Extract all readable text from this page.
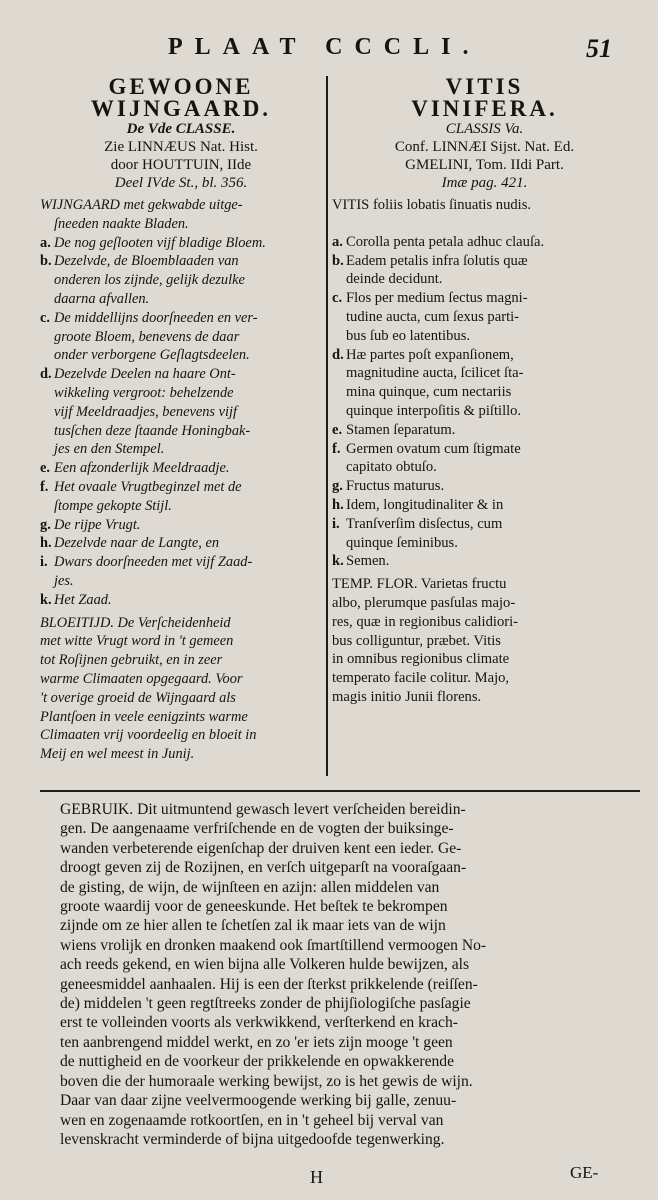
PLAAT CCCLI.	51
GEWOONE
WIJNGAARD.
De Vde CLASSE.
Zie LINNÆUS Nat. Hist.
door HOUTTUIN, IIde
Deel IVde St., bl. 356.
WIJNGAARD met gekwabde uitge-
ſneeden naakte Bladen.
a. De nog geſlooten vijf bladige Bloem.
b. Dezelvde, de Bloemblaaden van
onderen los zijnde, gelijk dezulke
daarna afvallen.
c. De middellijns doorſneeden en ver-
groote Bloem, benevens de daar
onder verborgene Geſlagtsdeelen.
d. Dezelvde Deelen na haare Ont-
wikkeling vergroot: behelzende
vijf Meeldraadjes, benevens vijf
tusſchen deze ſtaande Honingbak-
jes en den Stempel.
e. Een afzonderlijk Meeldraadje.
f. Het ovaale Vrugtbeginzel met de
ſtompe gekopte Stijl.
g. De rijpe Vrugt.
h. Dezelvde naar de Langte, en
i. Dwars doorſneeden met vijf Zaad-
jes.
k. Het Zaad.
BLOEITIJD. De Verſcheidenheid
met witte Vrugt word in 't gemeen
tot Roſijnen gebruikt, en in zeer
warme Climaaten opgegaard. Voor
't overige groeid de Wijngaard als
Plantſoen in veele eenigzints warme
Climaaten vrij voordeelig en bloeit in
Meij en wel meest in Junij.
VITIS
VINIFERA.
CLASSIS Va.
Conf. LINNÆI Sijst. Nat. Ed.
GMELINI, Tom. IIdi Part.
Imæ pag. 421.
VITIS foliis lobatis ſinuatis nudis.
a. Corolla penta petala adhuc clauſa.
b. Eadem petalis infra ſolutis quæ
deinde decidunt.
c. Flos per medium ſectus magni-
tudine aucta, cum ſexus parti-
bus ſub eo latentibus.
d. Hæ partes poſt expanſionem,
magnitudine aucta, ſcilicet ſta-
mina quinque, cum nectariis
quinque interpoſitis & piſtillo.
e. Stamen ſeparatum.
f. Germen ovatum cum ſtigmate
capitato obtuſo.
g. Fructus maturus.
h. Idem, longitudinaliter & in
i. Tranſverſim disſectus, cum
quinque ſeminibus.
k. Semen.
TEMP. FLOR. Varietas fructu
albo, plerumque pasſulas majo-
res, quæ in regionibus calidiori-
bus colliguntur, præbet. Vitis
in omnibus regionibus climate
temperato facile colitur. Majo,
magis initio Junii florens.
GEBRUIK. Dit uitmuntend gewasch levert verſcheiden bereidin-
gen. De aangenaame verfriſchende en de vogten der buiksinge-
wanden verbeterende eigenſchap der druiven kent een ieder. Ge-
droogt geven zij de Rozijnen, en verſch uitgeparſt na vooraſgaan-
de gisting, de wijn, de wijnſteen en azijn: allen middelen van
groote waardij voor de geneeskunde. Het beſtek te bekrompen
zijnde om ze hier allen te ſchetſen zal ik maar iets van de wijn
wiens vrolijk en dronken maakend ook ſmartſtillend vermoogen No-
ach reeds gekend, en wien bijna alle Volkeren hulde bewijzen, als
geneesmiddel aanhaalen. Hij is een der ſterkst prikkelende (reiſſen-
de) middelen 't geen regtſtreeks zonder de phijſiologiſche pasſagie
erst te volleinden voorts als verkwikkend, verſterkend en krach-
ten aanbrengend middel werkt, en zo 'er iets zijn mooge 't geen
de nuttigheid en de voorkeur der prikkelende en opwakkerende
boven die der humoraale werking bewijst, zo is het gewis de wijn.
Daar van daar zijne veelvermoogende werking bij galle, zenuu-
wen en zogenaamde rotkoortſen, en in 't geheel bij verval van
levenskracht verminderde of bijna uitgedoofde tegenwerking.
H	GE-
